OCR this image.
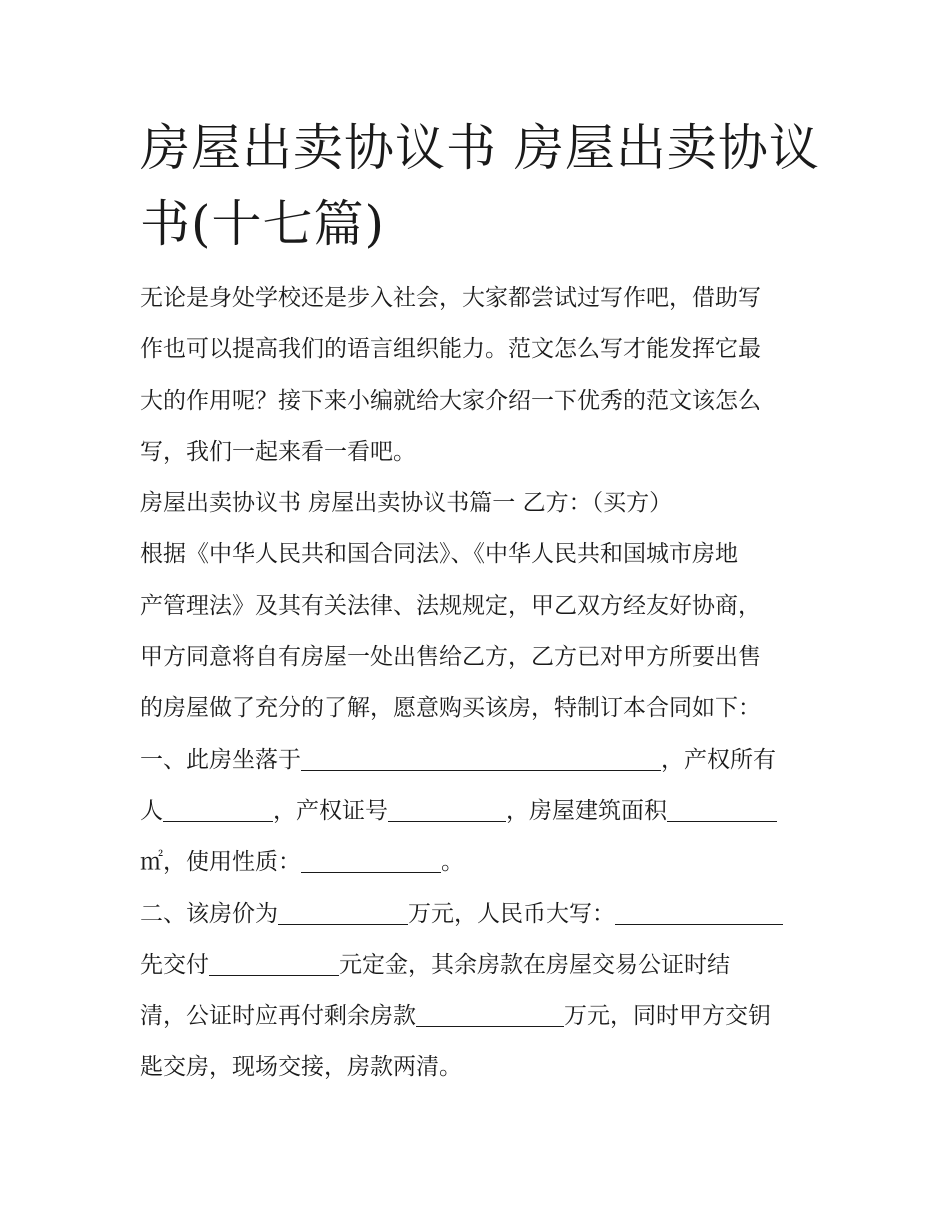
房屋出卖协议书 房屋出卖协议
书(十七篇)
无论是身处学校还是步入社会，大家都尝试过写作吧，借助写
作也可以提高我们的语言组织能力。范文怎么写才能发挥它最
大的作用呢？接下来小编就给大家介绍一下优秀的范文该怎么
写，我们一起来看一看吧。
房屋出卖协议书 房屋出卖协议书篇一 乙方：（买方）
根据《中华人民共和国合同法》、《中华人民共和国城市房地
产管理法》及其有关法律、法规规定，甲乙双方经友好协商，
甲方同意将自有房屋一处出售给乙方，乙方已对甲方所要出售
的房屋做了充分的了解，愿意购买该房，特制订本合同如下：
一、此房坐落于	，产权所有
人	，产权证号	，房屋建筑面积
㎡，使用性质：	。
二、该房价为	万元，人民币大写：
先交付	元定金，其余房款在房屋交易公证时结
清，公证时应再付剩余房款	万元，同时甲方交钥
匙交房，现场交接，房款两清。
